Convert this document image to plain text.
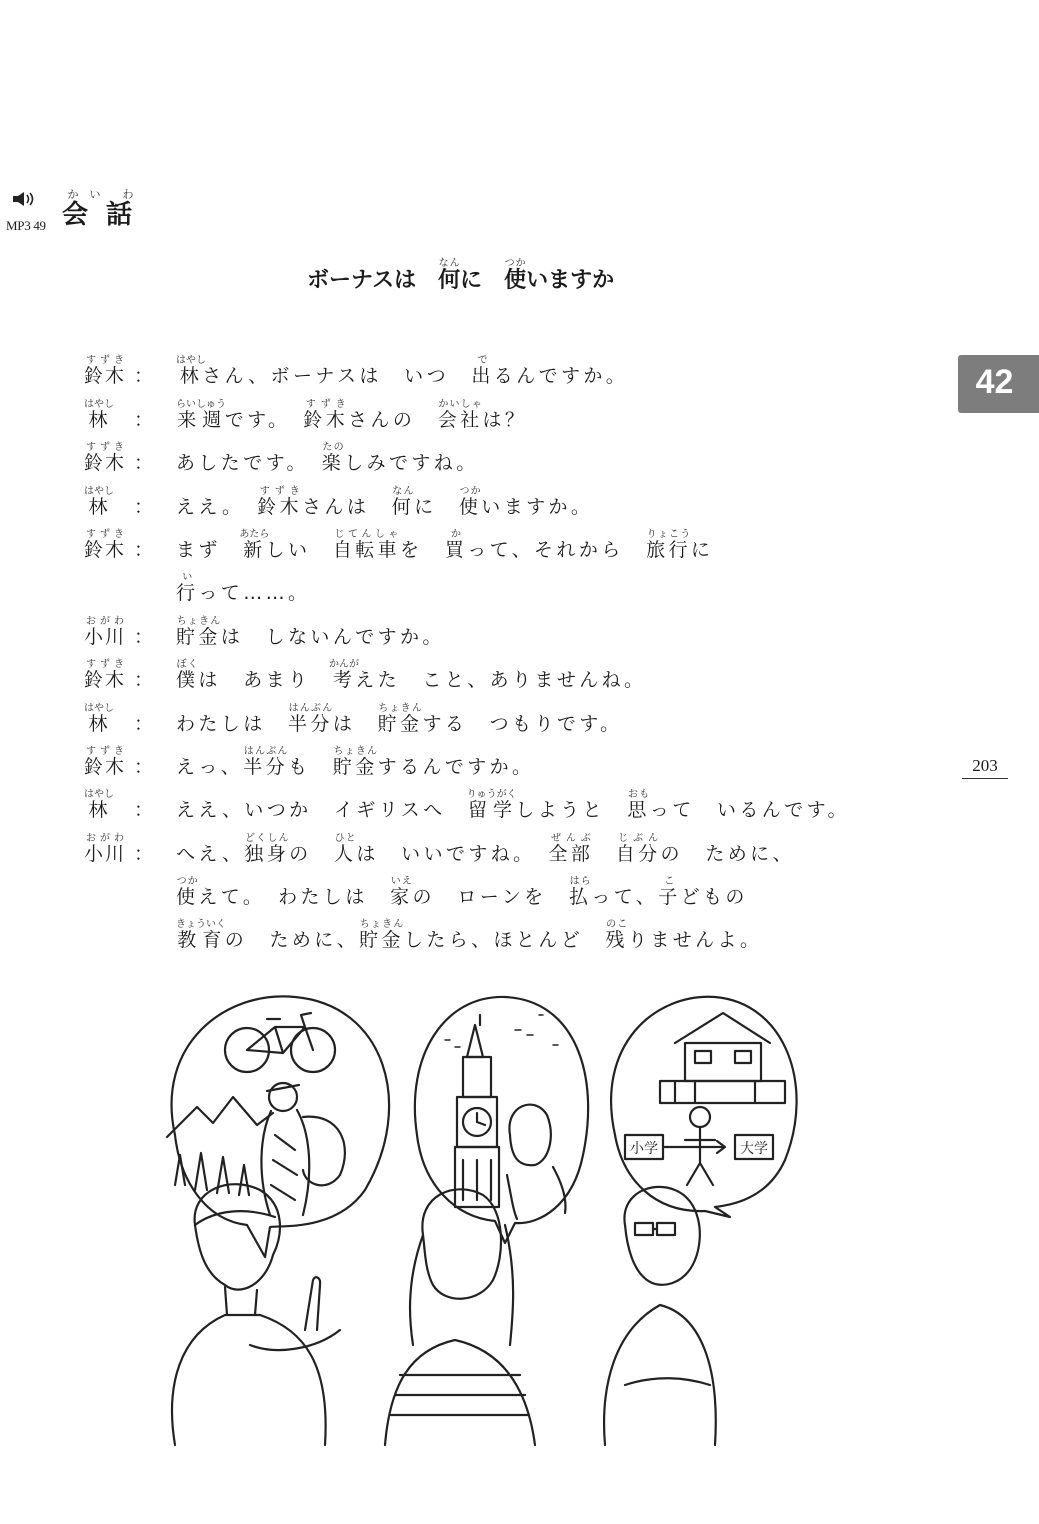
MP3 49 会かい話わ
ボーナスは　何なんに　使つかいますか
42
203
鈴木すずき
： 林はやしさん、ボーナスは　いつ　出でるんですか。
林はやし
： 来週らいしゅうです。　鈴木すずきさんの　会社かいしゃは？
鈴木すずき
： あしたです。　楽たのしみですね。
林はやし
： ええ。　鈴木すずきさんは　何なんに　使つかいますか。
鈴木すずき
： まず　新あたらしい　自転車じてんしゃを　買かって、それから　旅行りょこうに
行いって……。
小川おがわ
： 貯金ちょきんは　しないんですか。
鈴木すずき
： 僕ぼくは　あまり　考かんがえた　こと、ありませんね。
林はやし
： わたしは　半分はんぶんは　貯金ちょきんする　つもりです。
鈴木すずき
： えっ、半分はんぶんも　貯金ちょきんするんですか。
林はやし
： ええ、いつか　イギリスへ　留学りゅうがくしようと　思おもって　いるんです。
小川おがわ
： へえ、独身どくしんの　人ひとは　いいですね。　全部ぜんぶ　自分じぶんの　ために、
使つかえて。　わたしは　家いえの　ローンを　払はらって、子こどもの
教育きょういくの　ために、貯金ちょきんしたら、ほとんど　残のこりませんよ。
小学	大学
